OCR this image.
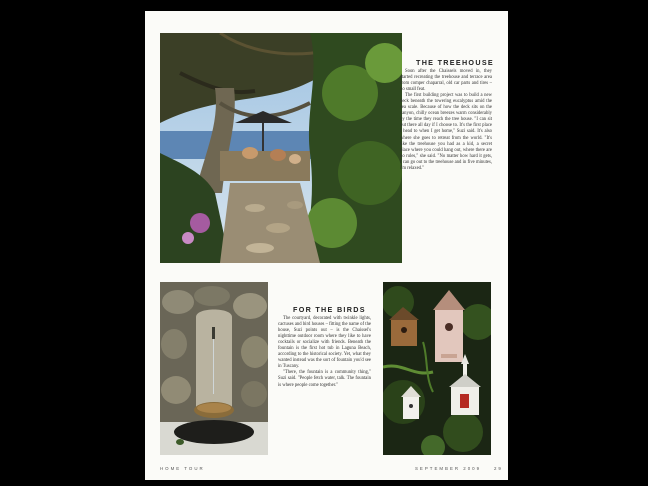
THE TREEHOUSE

Soon after the Chaissels moved in, they started recreating the treehouse and terrace area from comper chaparral, old car parts and tires – no small feat.

The first building project was to build a new deck beneath the towering eucalyptus amid the sea scale. Because of how the deck sits on the canyon, chilly ocean breezes warm considerably by the time they reach the tree house. "I can sit out there all day if I choose to. It's the first place I head to when I get home," Suzi said. It's also where she goes to retreat from the world. "It's like the treehouse you had as a kid, a secret place where you could hang out, where there are no rules," she said. "No matter how hard it gets, I can go out to the treehouse and in five minutes, I'm relaxed."

FOR THE BIRDS

The courtyard, decorated with twinkle lights, cactuses and bird houses – fitting the name of the house, Suzi points out – is the Chaissel's nighttime outdoor room where they like to have cocktails or socialize with friends. Beneath the fountain is the first hot tub in Laguna Beach, according to the historical society. Yet, what they wanted instead was the sort of fountain you'd see in Tuscany.

"There, the fountain is a community thing," Suzi said. "People fetch water, talk. The fountain is where people come together."

HOME TOUR	SEPTEMBER 2009	29
